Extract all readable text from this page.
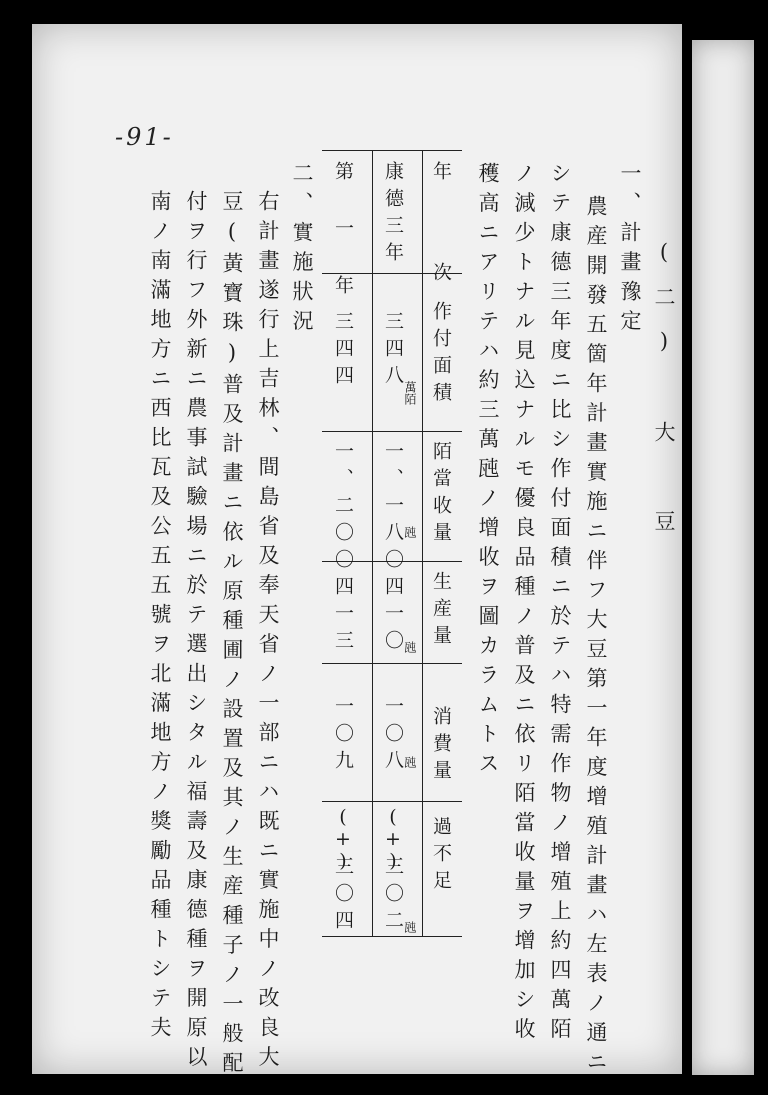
-91-
(二) 大 豆
一、計畫豫定
農産開發五箇年計畫實施ニ伴フ大豆第一年度增殖計畫ハ左表ノ通ニ
シテ康德三年度ニ比シ作付面積ニ於テハ特需作物ノ增殖上約四萬陌
ノ減少トナル見込ナルモ優良品種ノ普及ニ依リ陌當收量ヲ增加シ收
穫高ニアリテハ約三萬瓲ノ增收ヲ圖カラムトス
年 次
作付面積
陌當收量
生産量
消費量
過不足
康德三年
三四八
萬陌
一、一八〇 瓲
四一〇 瓲
一〇八 瓲
(+)
三〇二 瓲
第 一 年
三四四
一、二〇〇
四一三
一〇九
(+)
三〇四
二、實施狀況
右計畫遂行上吉林、間島省及奉天省ノ一部ニハ既ニ實施中ノ改良大
豆(黃寶珠)普及計畫ニ依ル原種圃ノ設置及其ノ生産種子ノ一般配
付ヲ行フ外新ニ農事試驗場ニ於テ選出シタル福壽及康德種ヲ開原以
南ノ南滿地方ニ西比瓦及公五五號ヲ北滿地方ノ獎勵品種トシテ夫
